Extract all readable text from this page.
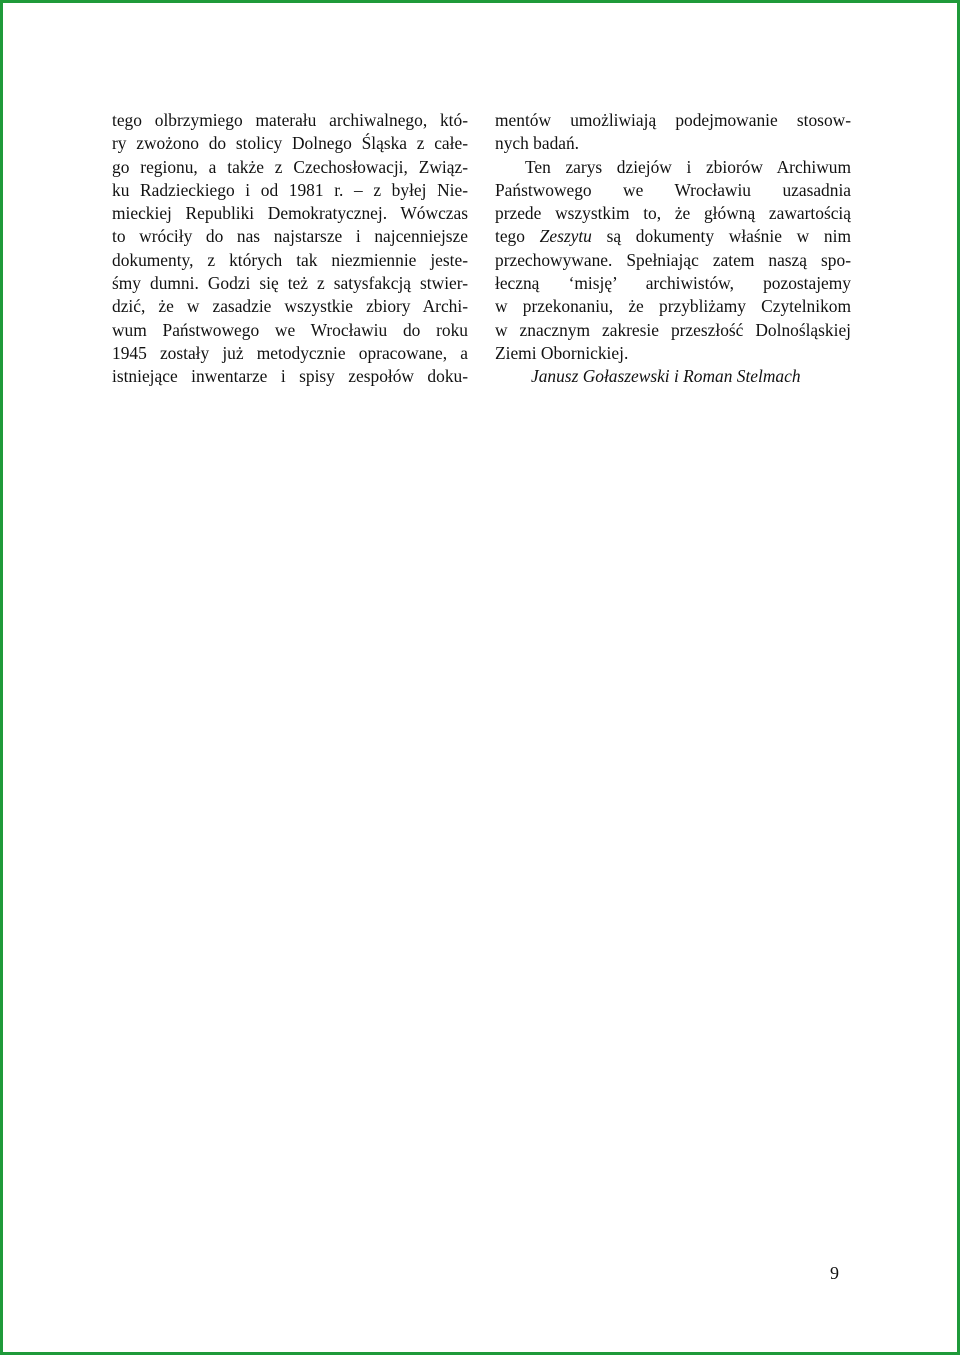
tego olbrzymiego materału archiwalnego, któ-
ry zwożono do stolicy Dolnego Śląska z całe-
go regionu, a także z Czechosłowacji, Związ-
ku Radzieckiego i od 1981 r. – z byłej Nie-
mieckiej Republiki Demokratycznej. Wówczas
to wróciły do nas najstarsze i najcenniejsze
dokumenty, z których tak niezmiennie jeste-
śmy dumni. Godzi się też z satysfakcją stwier-
dzić, że w zasadzie wszystkie zbiory Archi-
wum Państwowego we Wrocławiu do roku
1945 zostały już metodycznie opracowane, a
istniejące inwentarze i spisy zespołów doku-
mentów umożliwiają podejmowanie stosow-
nych badań.
Ten zarys dziejów i zbiorów Archiwum
Państwowego we Wrocławiu uzasadnia
przede wszystkim to, że główną zawartością
tego Zeszytu są dokumenty właśnie w nim
przechowywane. Spełniając zatem naszą spo-
łeczną ‘misję’ archiwistów, pozostajemy
w przekonaniu, że przybliżamy Czytelnikom
w znacznym zakresie przeszłość Dolnośląskiej
Ziemi Obornickiej.
Janusz Gołaszewski i Roman Stelmach
9
